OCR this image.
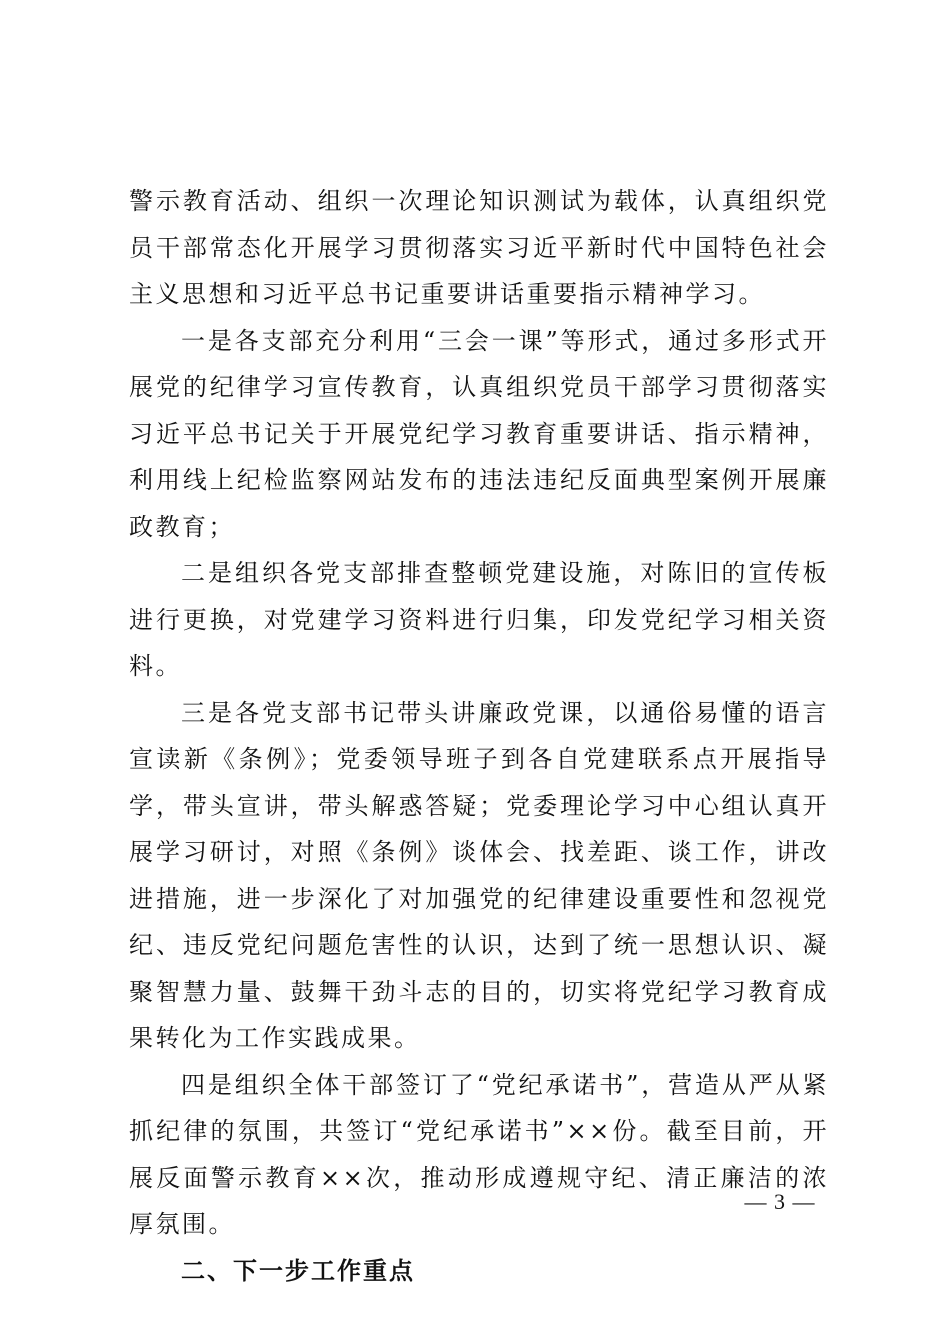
警示教育活动、组织一次理论知识测试为载体，认真组织党员干部常态化开展学习贯彻落实习近平新时代中国特色社会主义思想和习近平总书记重要讲话重要指示精神学习。

一是各支部充分利用“三会一课”等形式，通过多形式开展党的纪律学习宣传教育，认真组织党员干部学习贯彻落实习近平总书记关于开展党纪学习教育重要讲话、指示精神，利用线上纪检监察网站发布的违法违纪反面典型案例开展廉政教育；

二是组织各党支部排查整顿党建设施，对陈旧的宣传板进行更换，对党建学习资料进行归集，印发党纪学习相关资料。

三是各党支部书记带头讲廉政党课，以通俗易懂的语言宣读新《条例》；党委领导班子到各自党建联系点开展指导学，带头宣讲，带头解惑答疑；党委理论学习中心组认真开展学习研讨，对照《条例》谈体会、找差距、谈工作，讲改进措施，进一步深化了对加强党的纪律建设重要性和忽视党纪、违反党纪问题危害性的认识，达到了统一思想认识、凝聚智慧力量、鼓舞干劲斗志的目的，切实将党纪学习教育成果转化为工作实践成果。

四是组织全体干部签订了“党纪承诺书”，营造从严从紧抓纪律的氛围，共签订“党纪承诺书”××份。截至目前，开展反面警示教育××次，推动形成遵规守纪、清正廉洁的浓厚氛围。

二、下一步工作重点

— 3 —
